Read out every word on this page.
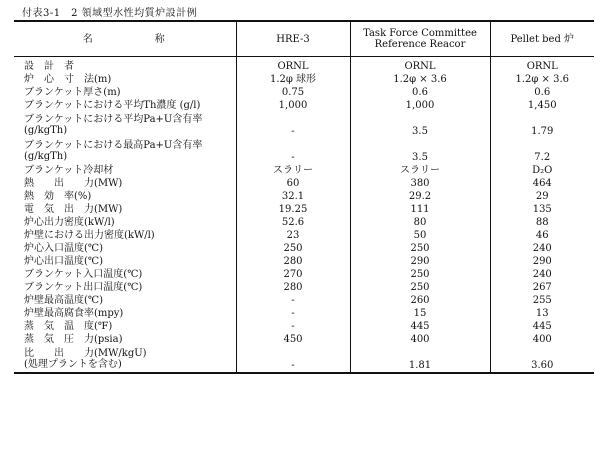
付表3-1　2 領域型水性均質炉設計例
名 称	HRE-3	Task Force Committee
Reference Reacor	Pellet bed 炉

設　計　者	ORNL	ORNL	ORNL

炉　心　寸　法(m)	1.2φ 球形	1.2φ × 3.6	1.2φ × 3.6

ブランケット厚さ(m)	0.75	0.6	0.6

ブランケットにおける平均Th濃度 (g/l)	1,000	1,000	1,450

ブランケットにおける平均Pa+U含有率
(g/kgTh)	-	3.5	1.79

ブランケットにおける最高Pa+U含有率
(g/kgTh)	-	3.5	7.2

ブランケット冷却材	スラリー	スラリー	D₂O

熱　　出　　力(MW)	60	380	464

熱　効　率(%)	32.1	29.2	29

電　気　出　力(MW)	19.25	111	135

炉心出力密度(kW/l)	52.6	80	88

炉壁における出力密度(kW/l)	23	50	46

炉心入口温度(℃)	250	250	240

炉心出口温度(℃)	280	290	290

ブランケット入口温度(℃)	270	250	240

ブランケット出口温度(℃)	280	250	267

炉壁最高温度(℃)	-	260	255

炉壁最高腐食率(mpy)	-	15	13

蒸　気　温　度(℉)	-	445	445

蒸　気　圧　力(psia)	450	400	400

比　　出　　力(MW/kgU)
(処理プラントを含む)	-	1.81	3.60
